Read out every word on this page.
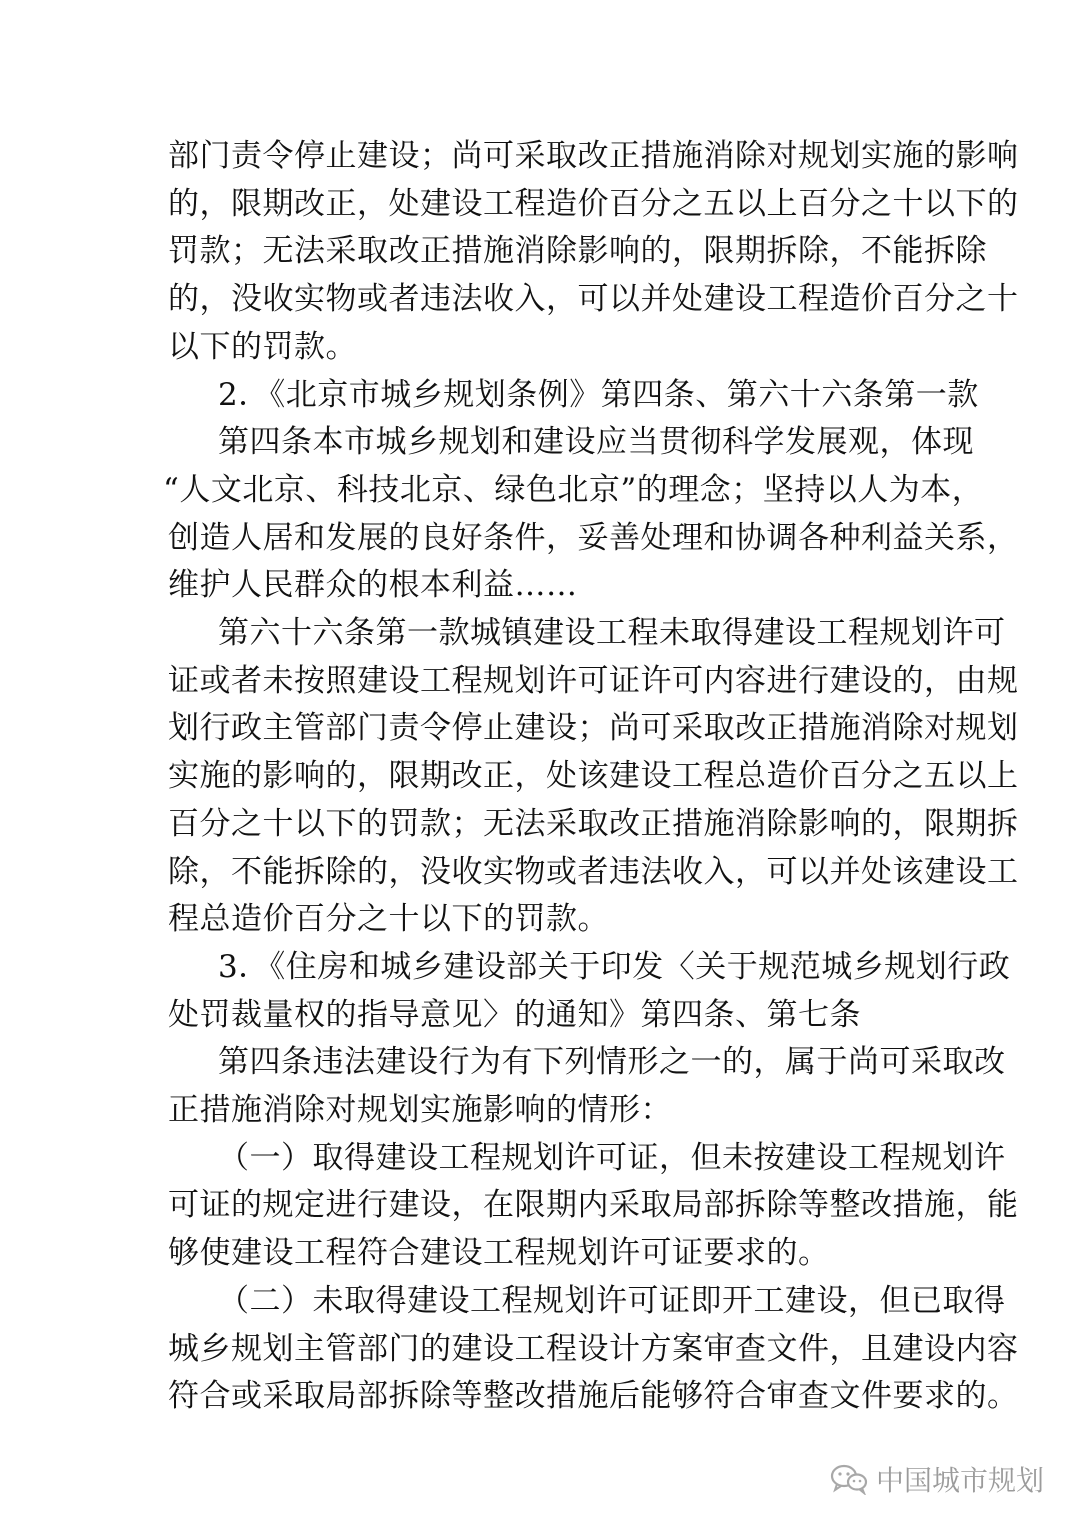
部门责令停止建设；尚可采取改正措施消除对规划实施的影响
的，限期改正，处建设工程造价百分之五以上百分之十以下的
罚款；无法采取改正措施消除影响的，限期拆除，不能拆除
的，没收实物或者违法收入，可以并处建设工程造价百分之十
以下的罚款。
2．《北京市城乡规划条例》第四条、第六十六条第一款
第四条本市城乡规划和建设应当贯彻科学发展观，体现
“人文北京、科技北京、绿色北京”的理念；坚持以人为本，
创造人居和发展的良好条件，妥善处理和协调各种利益关系，
维护人民群众的根本利益……
第六十六条第一款城镇建设工程未取得建设工程规划许可
证或者未按照建设工程规划许可证许可内容进行建设的，由规
划行政主管部门责令停止建设；尚可采取改正措施消除对规划
实施的影响的，限期改正，处该建设工程总造价百分之五以上
百分之十以下的罚款；无法采取改正措施消除影响的，限期拆
除，不能拆除的，没收实物或者违法收入，可以并处该建设工
程总造价百分之十以下的罚款。
3．《住房和城乡建设部关于印发〈关于规范城乡规划行政
处罚裁量权的指导意见〉的通知》第四条、第七条
第四条违法建设行为有下列情形之一的，属于尚可采取改
正措施消除对规划实施影响的情形：
（一）取得建设工程规划许可证，但未按建设工程规划许
可证的规定进行建设，在限期内采取局部拆除等整改措施，能
够使建设工程符合建设工程规划许可证要求的。
（二）未取得建设工程规划许可证即开工建设，但已取得
城乡规划主管部门的建设工程设计方案审查文件，且建设内容
符合或采取局部拆除等整改措施后能够符合审查文件要求的。
中国城市规划
